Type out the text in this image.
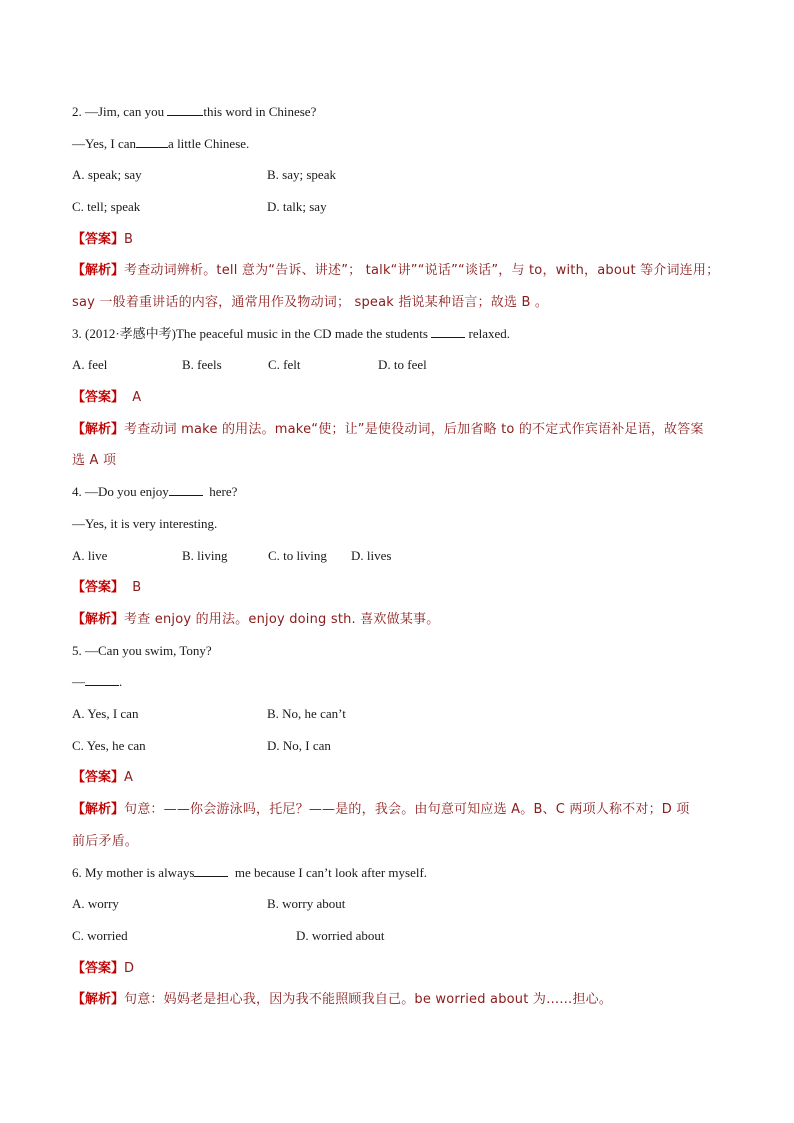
2. —Jim, can you	this word in Chinese?
—Yes, I can a little Chinese.
A. speak; say	B. say; speak
C. tell; speak	D. talk; say
【答案】B
【解析】考查动词辨析。tell 意为“告诉、讲述”； talk“讲”“说话”“谈话”，与 to，with，about 等介词连用；
say 一般着重讲话的内容，通常用作及物动词； speak 指说某种语言；故选 B 。
3. (2012·孝感中考)The peaceful music in the CD made the students	relaxed.
A. feel	B. feels	C. felt	D. to feel
【答案】  A
【解析】考查动词 make 的用法。make“使；让”是使役动词，后加省略 to 的不定式作宾语补足语，故答案
选 A 项
4. —Do you enjoy	here?
—Yes, it is very interesting.
A. live	B. living	C. to living D. lives
【答案】  B
【解析】考查 enjoy 的用法。enjoy doing sth. 喜欢做某事。
5. —Can you swim, Tony?
—	.
A. Yes, I can	B. No, he can’t
C. Yes, he can	D. No, I can
【答案】A
【解析】句意：——你会游泳吗，托尼？——是的，我会。由句意可知应选 A。B、C 两项人称不对；D 项
前后矛盾。
6. My mother is always	me because I can’t look after myself.
A. worry	B. worry about
C. worried	D. worried about
【答案】D
【解析】句意：妈妈老是担心我，因为我不能照顾我自己。be worried about 为……担心。
